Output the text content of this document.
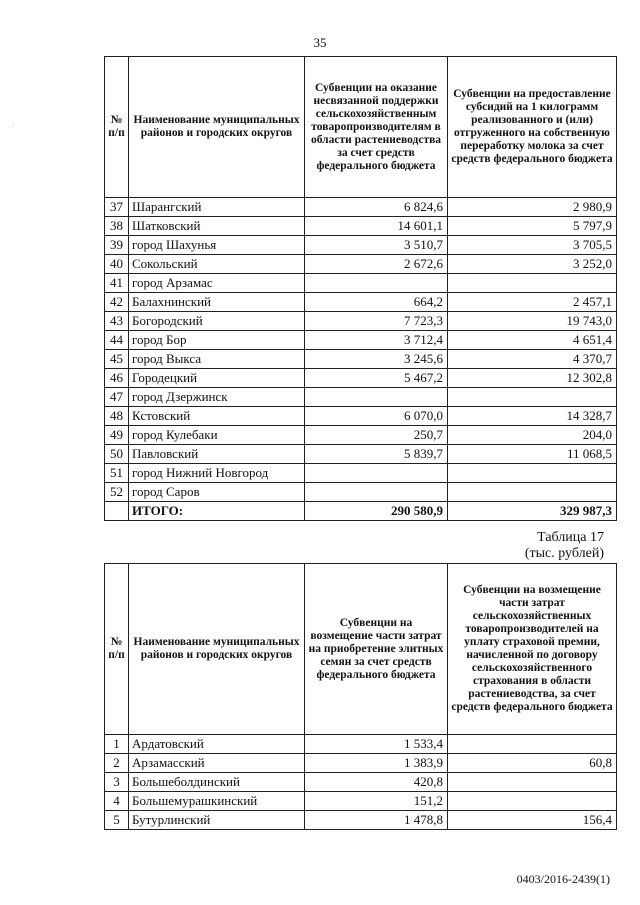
35
·	№ п/п	Наименование муниципальных районов и городских округов	Субвенции на оказание несвязанной поддержки сельскохозяйственным товаропроизводителям в области растениеводства за счет средств федерального бюджета	Субвенции на предоставление субсидий на 1 килограмм реализованного и (или) отгруженного на собственную переработку молока за счет средств федерального бюджета
37	Шарангский	6 824,6	2 980,9
38	Шатковский	14 601,1	5 797,9
39	город Шахунья	3 510,7	3 705,5
40	Сокольский	2 672,6	3 252,0
41	город Арзамас		
42	Балахнинский	664,2	2 457,1
43	Богородский	7 723,3	19 743,0
44	город Бор	3 712,4	4 651,4
45	город Выкса	3 245,6	4 370,7
46	Городецкий	5 467,2	12 302,8
47	город Дзержинск		
48	Кстовский	6 070,0	14 328,7
49	город Кулебаки	250,7	204,0
50	Павловский	5 839,7	11 068,5
51	город Нижний Новгород		
52	город Саров		
	ИТОГО:	290 580,9	329 987,3
Таблица 17
(тыс. рублей)
№ п/п	Наименование муниципальных районов и городских округов	Субвенции на возмещение части затрат на приобретение элитных семян за счет средств федерального бюджета	Субвенции на возмещение части затрат сельскохозяйственных товаропроизводителей на уплату страховой премии, начисленной по договору сельскохозяйственного страхования в области растениеводства, за счет средств федерального бюджета
1	Ардатовский	1 533,4	
2	Арзамасский	1 383,9	60,8
3	Большеболдинский	420,8	
4	Большемурашкинский	151,2	
5	Бутурлинский	1 478,8	156,4
0403/2016-2439(1)
